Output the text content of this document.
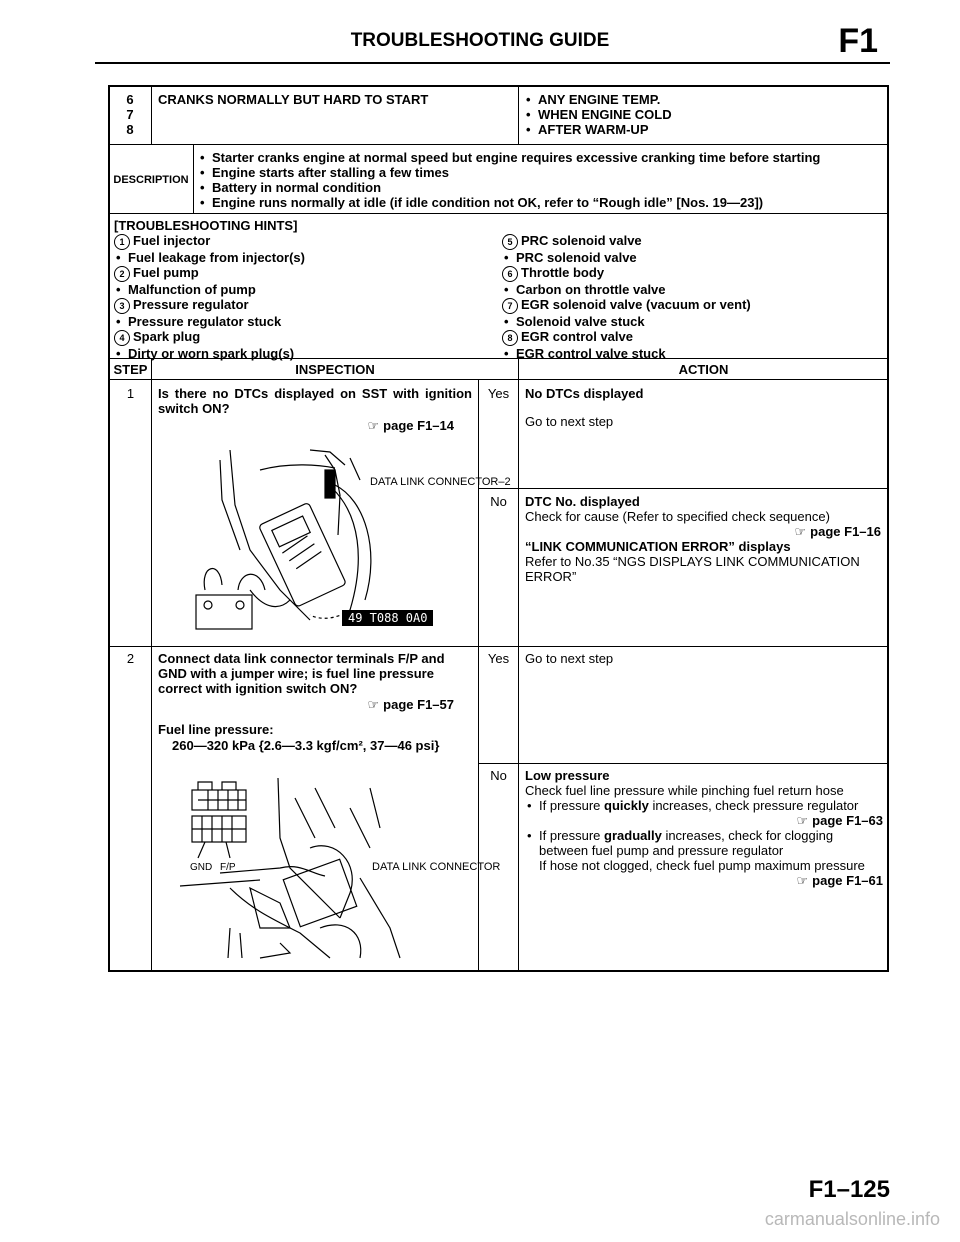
TROUBLESHOOTING GUIDE	F1
6
7
8
CRANKS NORMALLY BUT HARD TO START
•	ANY ENGINE TEMP.
• WHEN ENGINE COLD
• AFTER WARM-UP
DESCRIPTION
• Starter cranks engine at normal speed but engine requires excessive cranking time before starting
• Engine starts after stalling a few times
• Battery in normal condition
• Engine runs normally at idle (if idle condition not OK, refer to “Rough idle” [Nos. 19—23])
[TROUBLESHOOTING HINTS]
1 Fuel injector
• Fuel leakage from injector(s)
2 Fuel pump
• Malfunction of pump
3 Pressure regulator
• Pressure regulator stuck
4 Spark plug
• Dirty or worn spark plug(s)
5 PRC solenoid valve
• PRC solenoid valve
6 Throttle body
• Carbon on throttle valve
7 EGR solenoid valve (vacuum or vent)
• Solenoid valve stuck
8 EGR control valve
• EGR control valve stuck
STEP	INSPECTION	ACTION
1	Is there no DTCs displayed on SST with ignition switch ON?
☞ page F1–14
DATA LINK CONNECTOR–2
49 T088 0A0
Yes	No DTCs displayed
Go to next step
No	DTC No. displayed
Check for cause (Refer to specified check sequence)
☞ page F1–16
“LINK COMMUNICATION ERROR” displays
Refer to No.35 “NGS DISPLAYS LINK COMMUNICATION ERROR”
2	Connect data link connector terminals F/P and GND with a jumper wire; is fuel line pressure correct with ignition switch ON?
☞ page F1–57
Fuel line pressure:
260—320 kPa {2.6—3.3 kgf/cm², 37—46 psi}
GND F/P	DATA LINK CONNECTOR
Yes	Go to next step
No	Low pressure
Check fuel line pressure while pinching fuel return hose
• If pressure quickly increases, check pressure regulator
☞ page F1–63
• If pressure gradually increases, check for clogging between fuel pump and pressure regulator
If hose not clogged, check fuel pump maximum pressure
☞ page F1–61
F1–125
carmanualsonline.info
